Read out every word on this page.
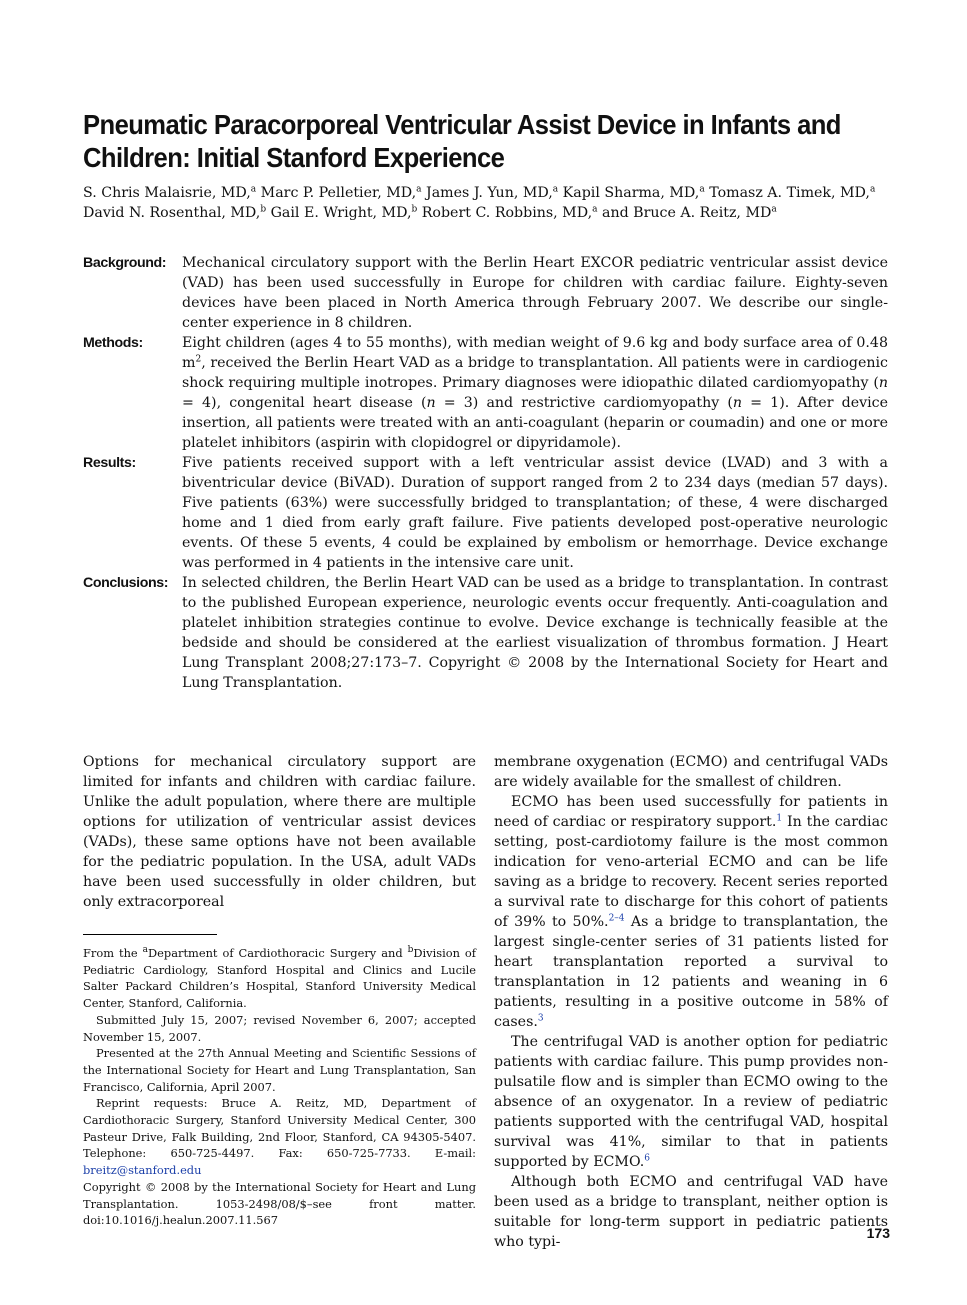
Pneumatic Paracorporeal Ventricular Assist Device in Infants and Children: Initial Stanford Experience
S. Chris Malaisrie, MD,$^a$ Marc P. Pelletier, MD,$^a$ James J. Yun, MD,$^a$ Kapil Sharma, MD,$^a$ Tomasz A. Timek, MD,$^a$ David N. Rosenthal, MD,$^b$ Gail E. Wright, MD,$^b$ Robert C. Robbins, MD,$^a$ and Bruce A. Reitz, $MD^a$
Background:	Mechanical circulatory support with the Berlin Heart EXCOR pediatric ventricular assist device (VAD) has been used successfully in Europe for children with cardiac failure. Eighty-seven devices have been placed in North America through February 2007. We describe our single-center experience in 8 children.
Methods:	Eight children (ages 4 to 55 months), with median weight of 9.6 kg and body surface area of 0.48 $m^2$, received the Berlin Heart VAD as a bridge to transplantation. All patients were in cardiogenic shock requiring multiple inotropes. Primary diagnoses were idiopathic dilated cardiomyopathy (n = 4), congenital heart disease (n = 3) and restrictive cardiomyopathy (n = 1). After device insertion, all patients were treated with an anti-coagulant (heparin or coumadin) and one or more platelet inhibitors (aspirin with clopidogrel or dipyridamole).
Results:	Five patients received support with a left ventricular assist device (LVAD) and 3 with a biventricular device (BiVAD). Duration of support ranged from 2 to 234 days (median 57 days). Five patients (63%) were successfully bridged to transplantation; of these, 4 were discharged home and 1 died from early graft failure. Five patients developed post-operative neurologic events. Of these 5 events, 4 could be explained by embolism or hemorrhage. Device exchange was performed in 4 patients in the intensive care unit.
Conclusions: In selected children, the Berlin Heart VAD can be used as a bridge to transplantation. In contrast to the published European experience, neurologic events occur frequently. Anti-coagulation and platelet inhibition strategies continue to evolve. Device exchange is technically feasible at the bedside and should be considered at the earliest visualization of thrombus formation. J Heart Lung Transplant 2008;27:173–7. Copyright © 2008 by the International Society for Heart and Lung Transplantation.

Options for mechanical circulatory support are limited for infants and children with cardiac failure. Unlike the adult population, where there are multiple options for utilization of ventricular assist devices (VADs), these same options have not been available for the pediatric population. In the USA, adult VADs have been used successfully in older children, but only extracorporeal

From the $^a$Department of Cardiothoracic Surgery and $^b$Division of Pediatric Cardiology, Stanford Hospital and Clinics and Lucile Salter Packard Children’s Hospital, Stanford University Medical Center, Stanford, California.

Submitted July 15, 2007; revised November 6, 2007; accepted November 15, 2007.

Presented at the 27th Annual Meeting and Scientific Sessions of the International Society for Heart and Lung Transplantation, San Francisco, California, April 2007.

Reprint requests: Bruce A. Reitz, MD, Department of Cardiothoracic Surgery, Stanford University Medical Center, 300 Pasteur Drive, Falk Building, 2nd Floor, Stanford, CA 94305-5407. Telephone: 650-725-4497. Fax: 650-725-7733. E-mail: breitz@stanford.edu

Copyright © 2008 by the International Society for Heart and Lung Transplantation. 1053-2498/08/$–see front matter. doi:10.1016/j.healun.2007.11.567

membrane oxygenation (ECMO) and centrifugal VADs are widely available for the smallest of children.

ECMO has been used successfully for patients in need of cardiac or respiratory support.$^1$ In the cardiac setting, post-cardiotomy failure is the most common indication for veno-arterial ECMO and can be life saving as a bridge to recovery. Recent series reported a survival rate to discharge for this cohort of patients of 39% to 50%.$^{2-4}$ As a bridge to transplantation, the largest single-center series of 31 patients listed for heart transplantation reported a survival to transplantation in 12 patients and weaning in 6 patients, resulting in a positive outcome in 58% of cases.$^3$

The centrifugal VAD is another option for pediatric patients with cardiac failure. This pump provides non-pulsatile flow and is simpler than ECMO owing to the absence of an oxygenator. In a review of pediatric patients supported with the centrifugal VAD, hospital survival was 41%, similar to that in patients supported by ECMO.$^6$

Although both ECMO and centrifugal VAD have been used as a bridge to transplant, neither option is suitable for long-term support in pediatric patients who typi-

173
